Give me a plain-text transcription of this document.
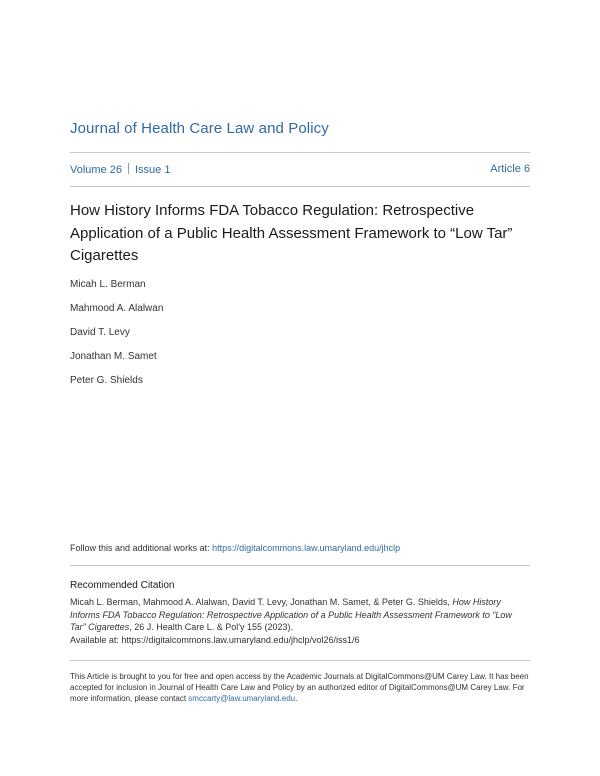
Journal of Health Care Law and Policy
Volume 26 Issue 1	Article 6
How History Informs FDA Tobacco Regulation: Retrospective Application of a Public Health Assessment Framework to “Low Tar” Cigarettes
Micah L. Berman
Mahmood A. Alalwan
David T. Levy
Jonathan M. Samet
Peter G. Shields
Follow this and additional works at: https://digitalcommons.law.umaryland.edu/jhclp
Recommended Citation
Micah L. Berman, Mahmood A. Alalwan, David T. Levy, Jonathan M. Samet, & Peter G. Shields, How History Informs FDA Tobacco Regulation: Retrospective Application of a Public Health Assessment Framework to “Low Tar” Cigarettes, 26 J. Health Care L. & Pol'y 155 (2023).
Available at: https://digitalcommons.law.umaryland.edu/jhclp/vol26/iss1/6
This Article is brought to you for free and open access by the Academic Journals at DigitalCommons@UM Carey Law. It has been accepted for inclusion in Journal of Health Care Law and Policy by an authorized editor of DigitalCommons@UM Carey Law. For more information, please contact smccarty@law.umaryland.edu.
